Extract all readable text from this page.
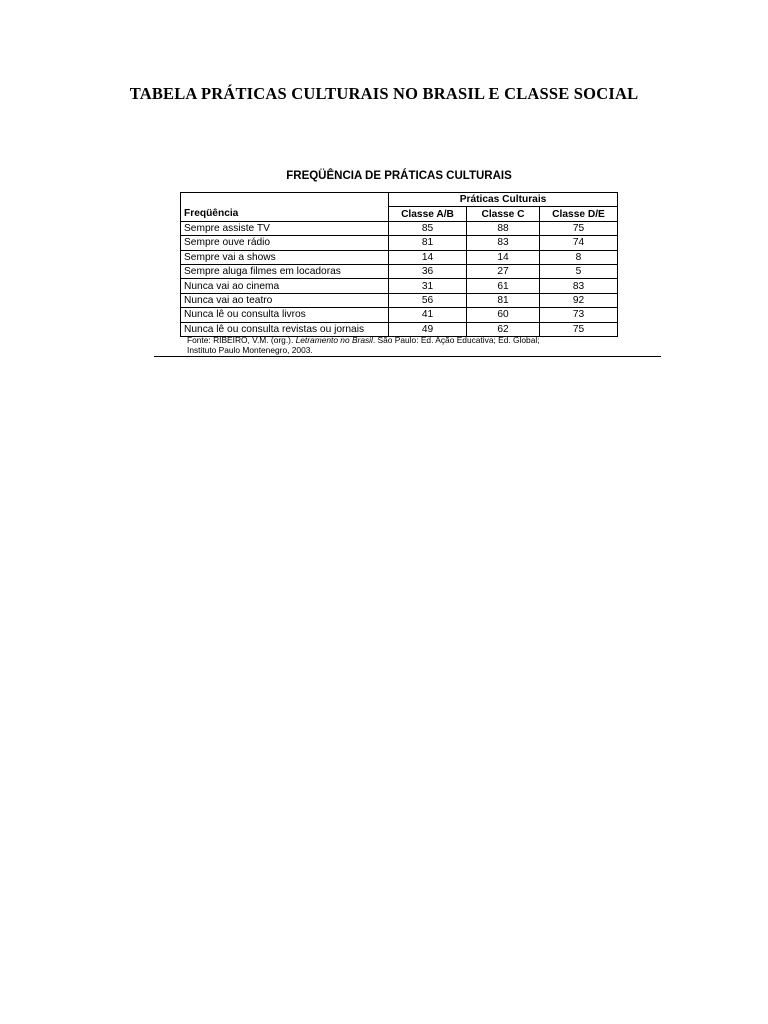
TABELA PRÁTICAS CULTURAIS NO BRASIL E CLASSE SOCIAL
FREQÜÊNCIA DE PRÁTICAS CULTURAIS
	Práticas Culturais		
Freqüência	Classe A/B	Classe C	Classe D/E
Sempre assiste TV	85	88	75
Sempre ouve rádio	81	83	74
Sempre vai a shows	14	14	8
Sempre aluga filmes em locadoras	36	27	5
Nunca vai ao cinema	31	61	83
Nunca vai ao teatro	56	81	92
Nunca lê ou consulta livros	41	60	73
Nunca lê ou consulta revistas ou jornais	49	62	75
Fonte: RIBEIRO, V.M. (org.). Letramento no Brasil. São Paulo: Ed. Ação Educativa; Ed. Global;
Instituto Paulo Montenegro, 2003.
